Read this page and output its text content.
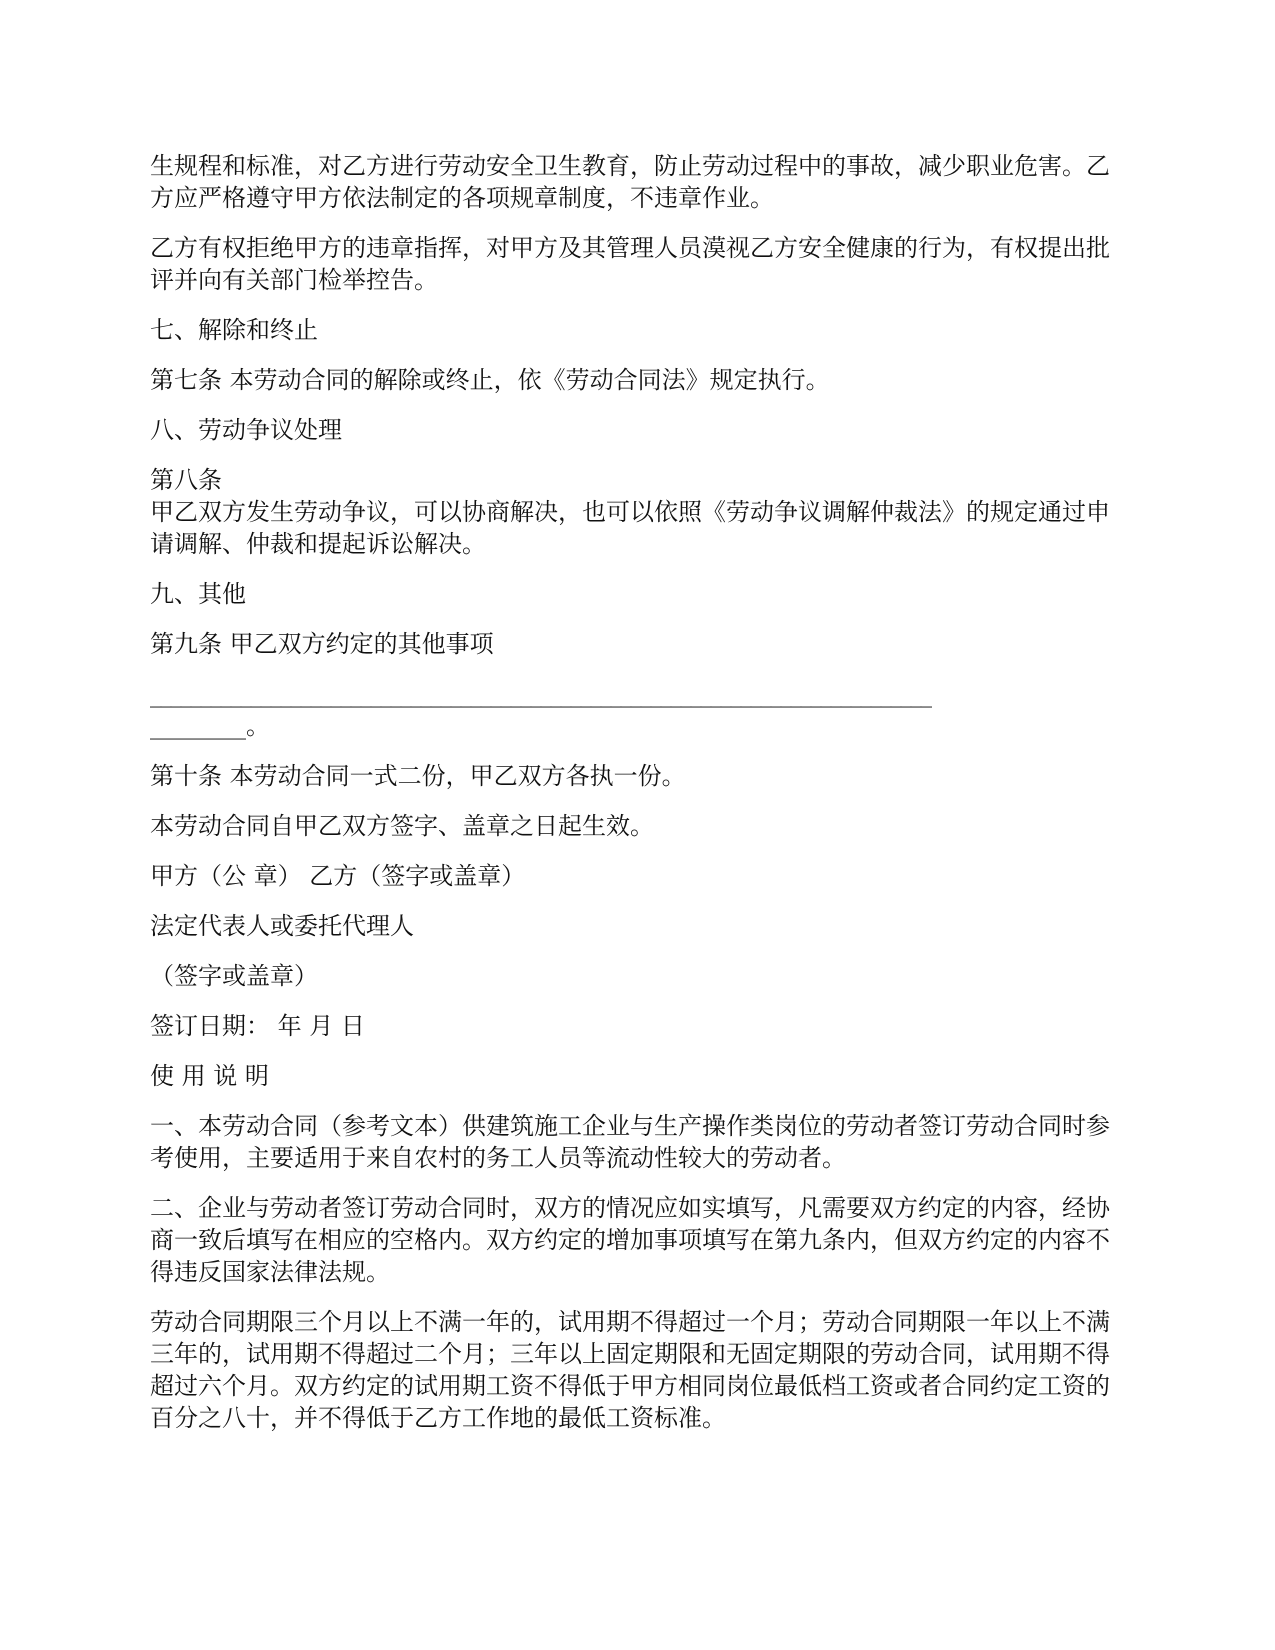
生规程和标准，对乙方进行劳动安全卫生教育，防止劳动过程中的事故，减少职业危害。乙方应严格遵守甲方依法制定的各项规章制度，不违章作业。

乙方有权拒绝甲方的违章指挥，对甲方及其管理人员漠视乙方安全健康的行为，有权提出批评并向有关部门检举控告。

七、解除和终止

第七条 本劳动合同的解除或终止，依《劳动合同法》规定执行。

八、劳动争议处理

第八条

甲乙双方发生劳动争议，可以协商解决，也可以依照《劳动争议调解仲裁法》的规定通过申请调解、仲裁和提起诉讼解决。

九、其他

第九条 甲乙双方约定的其他事项

______________________________________________________________________________
________。

第十条 本劳动合同一式二份，甲乙双方各执一份。

本劳动合同自甲乙双方签字、盖章之日起生效。

甲方（公 章） 乙方（签字或盖章）

法定代表人或委托代理人

（签字或盖章）

签订日期： 年 月 日

使 用 说 明

一、本劳动合同（参考文本）供建筑施工企业与生产操作类岗位的劳动者签订劳动合同时参考使用，主要适用于来自农村的务工人员等流动性较大的劳动者。

二、企业与劳动者签订劳动合同时，双方的情况应如实填写，凡需要双方约定的内容，经协商一致后填写在相应的空格内。双方约定的增加事项填写在第九条内，但双方约定的内容不得违反国家法律法规。

劳动合同期限三个月以上不满一年的，试用期不得超过一个月；劳动合同期限一年以上不满三年的，试用期不得超过二个月；三年以上固定期限和无固定期限的劳动合同，试用期不得超过六个月。双方约定的试用期工资不得低于甲方相同岗位最低档工资或者合同约定工资的百分之八十，并不得低于乙方工作地的最低工资标准。
